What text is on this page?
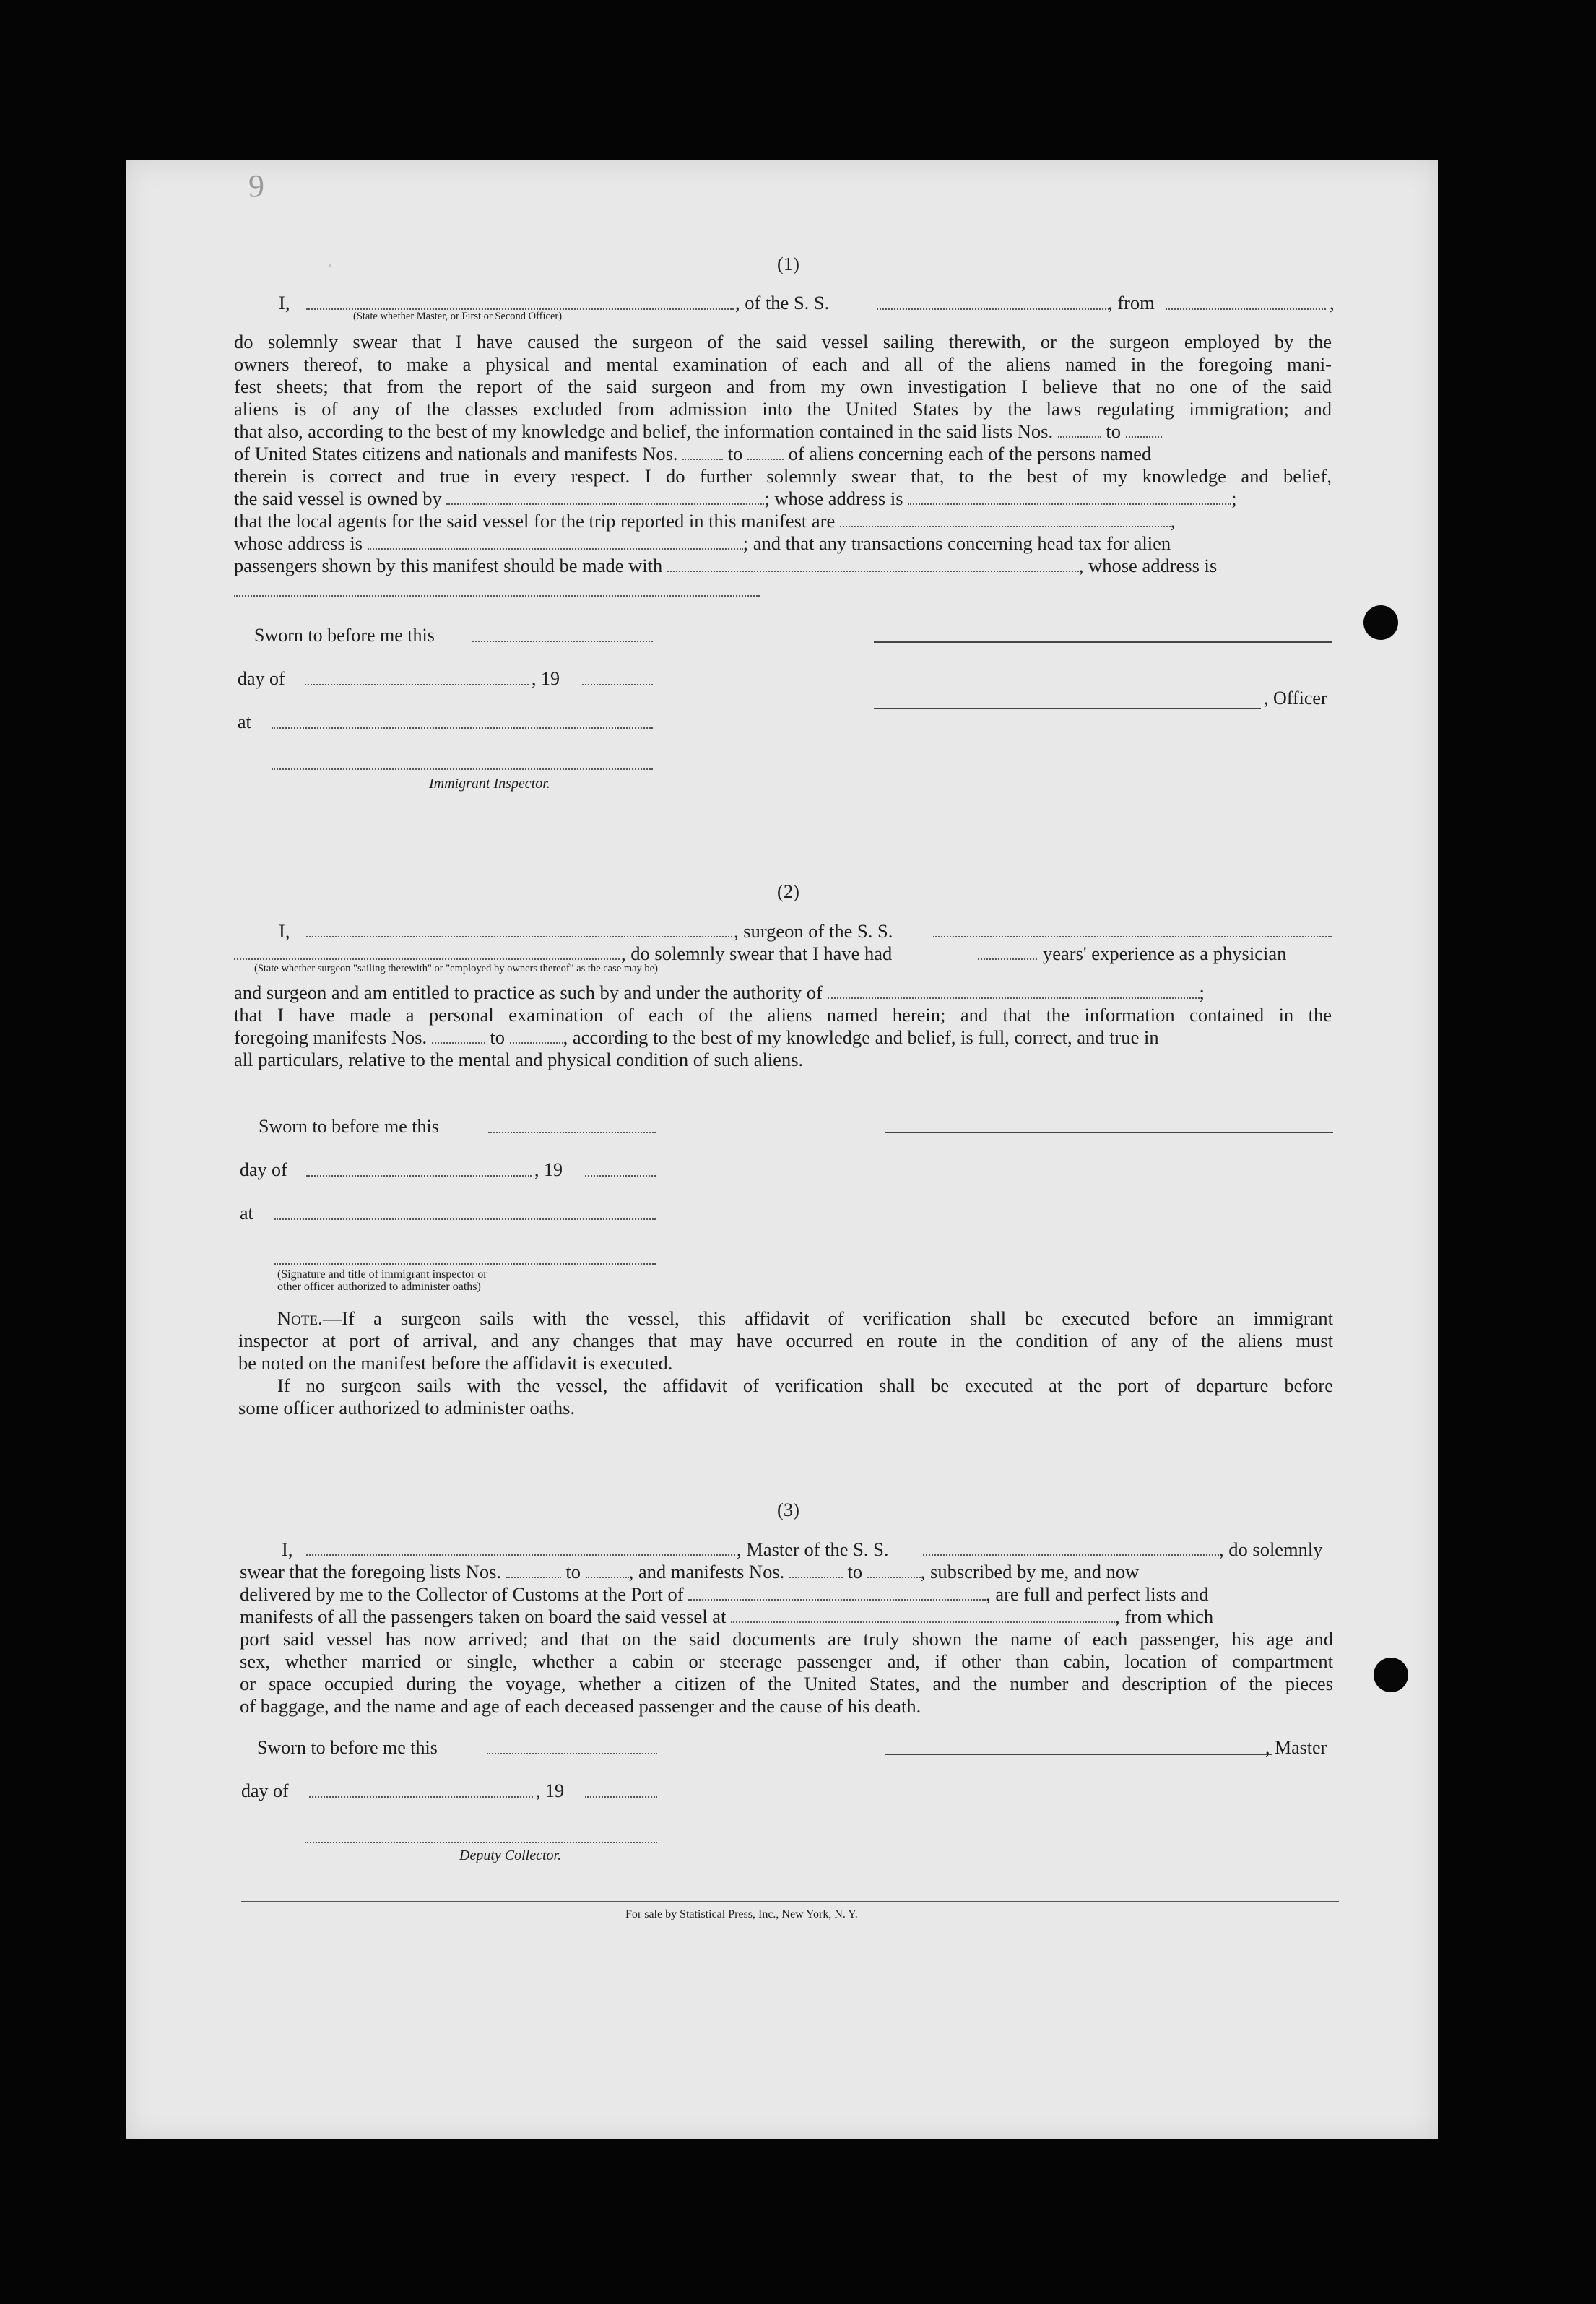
.

9
(1)
I,	, of the S. S.	, from	,
(State whether Master, or First or Second Officer)
do solemnly swear that I have caused the surgeon of the said vessel sailing therewith, or the surgeon employed by the
owners thereof, to make a physical and mental examination of each and all of the aliens named in the foregoing mani-
fest sheets; that from the report of the said surgeon and from my own investigation I believe that no one of the said
aliens is of any of the classes excluded from admission into the United States by the laws regulating immigration; and
that also, according to the best of my knowledge and belief, the information contained in the said lists Nos.	to
of United States citizens and nationals and manifests Nos.	to of aliens concerning each of the persons named
therein is correct and true in every respect. I do further solemnly swear that, to the best of my knowledge and belief,
the said vessel is owned by	; whose address is	;
that the local agents for the said vessel for the trip reported in this manifest are	,
whose address is	; and that any transactions concerning head tax for alien
passengers shown by this manifest should be made with	, whose address is
Sworn to before me this
day of	, 19
, Officer
at
Immigrant Inspector.
(2)
I,	, surgeon of the S. S.
, do solemnly swear that I have had	years' experience as a physician
(State whether surgeon "sailing therewith" or "employed by owners thereof" as the case may be)
and surgeon and am entitled to practice as such by and under the authority of	;
that I have made a personal examination of each of the aliens named herein; and that the information contained in the
foregoing manifests Nos.	to	, according to the best of my knowledge and belief, is full, correct, and true in
all particulars, relative to the mental and physical condition of such aliens.
Sworn to before me this
day of	, 19
at
(Signature and title of immigrant inspector or
other officer authorized to administer oaths)
Note.—If a surgeon sails with the vessel, this affidavit of verification shall be executed before an immigrant
inspector at port of arrival, and any changes that may have occurred en route in the condition of any of the aliens must
be noted on the manifest before the affidavit is executed.
If no surgeon sails with the vessel, the affidavit of verification shall be executed at the port of departure before
some officer authorized to administer oaths.
(3)
I,	, Master of the S. S.	, do solemnly
swear that the foregoing lists Nos.	to	, and manifests Nos.	to	, subscribed by me, and now
delivered by me to the Collector of Customs at the Port of	, are full and perfect lists and
manifests of all the passengers taken on board the said vessel at	, from which
port said vessel has now arrived; and that on the said documents are truly shown the name of each passenger, his age and
sex, whether married or single, whether a cabin or steerage passenger and, if other than cabin, location of compartment
or space occupied during the voyage, whether a citizen of the United States, and the number and description of the pieces
of baggage, and the name and age of each deceased passenger and the cause of his death.
Sworn to before me this	, Master
day of	, 19
Deputy Collector.
For sale by Statistical Press, Inc., New York, N. Y.
